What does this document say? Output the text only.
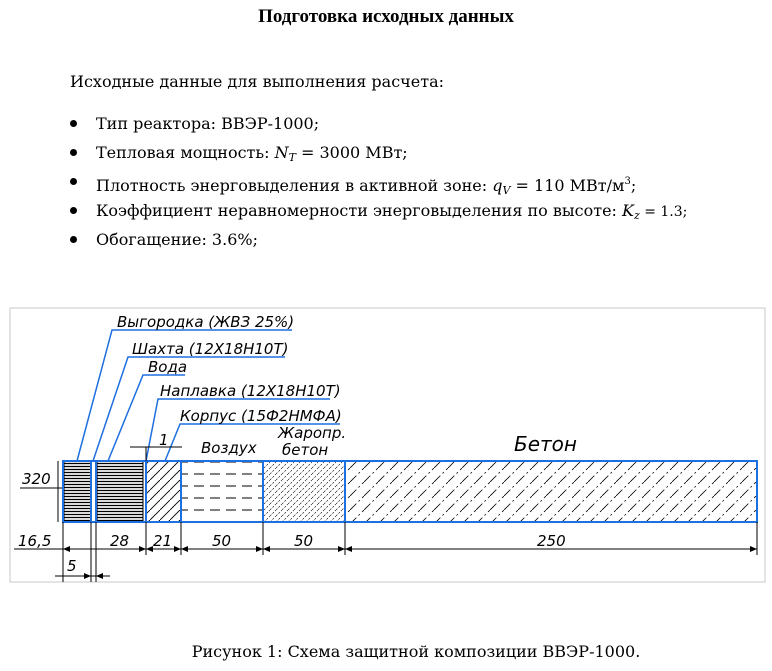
Подготовка исходных данных
Исходные данные для выполнения расчета:
Тип реактора: ВВЭР-1000;
Тепловая мощность: $N_T = 3000$ МВт;
Плотность энерговыделения в активной зоне: $q_V = 110$ МВт/$м^3$;
Коэффициент неравномерности энерговыделения по высоте: $K_z = 1.3$;
Обогащение: 3.6%;
Выгородка (ЖВЗ 25%)
Шахта (12Х18Н10Т)
Вода
Наплавка (12Х18Н10Т)
Корпус (15Ф2НМФА)
Воздух
Жаропр.
бетон	Бетон
320
1
16,5	28 21	50	50	250
5
Рисунок 1: Схема защитной композиции ВВЭР-1000.
